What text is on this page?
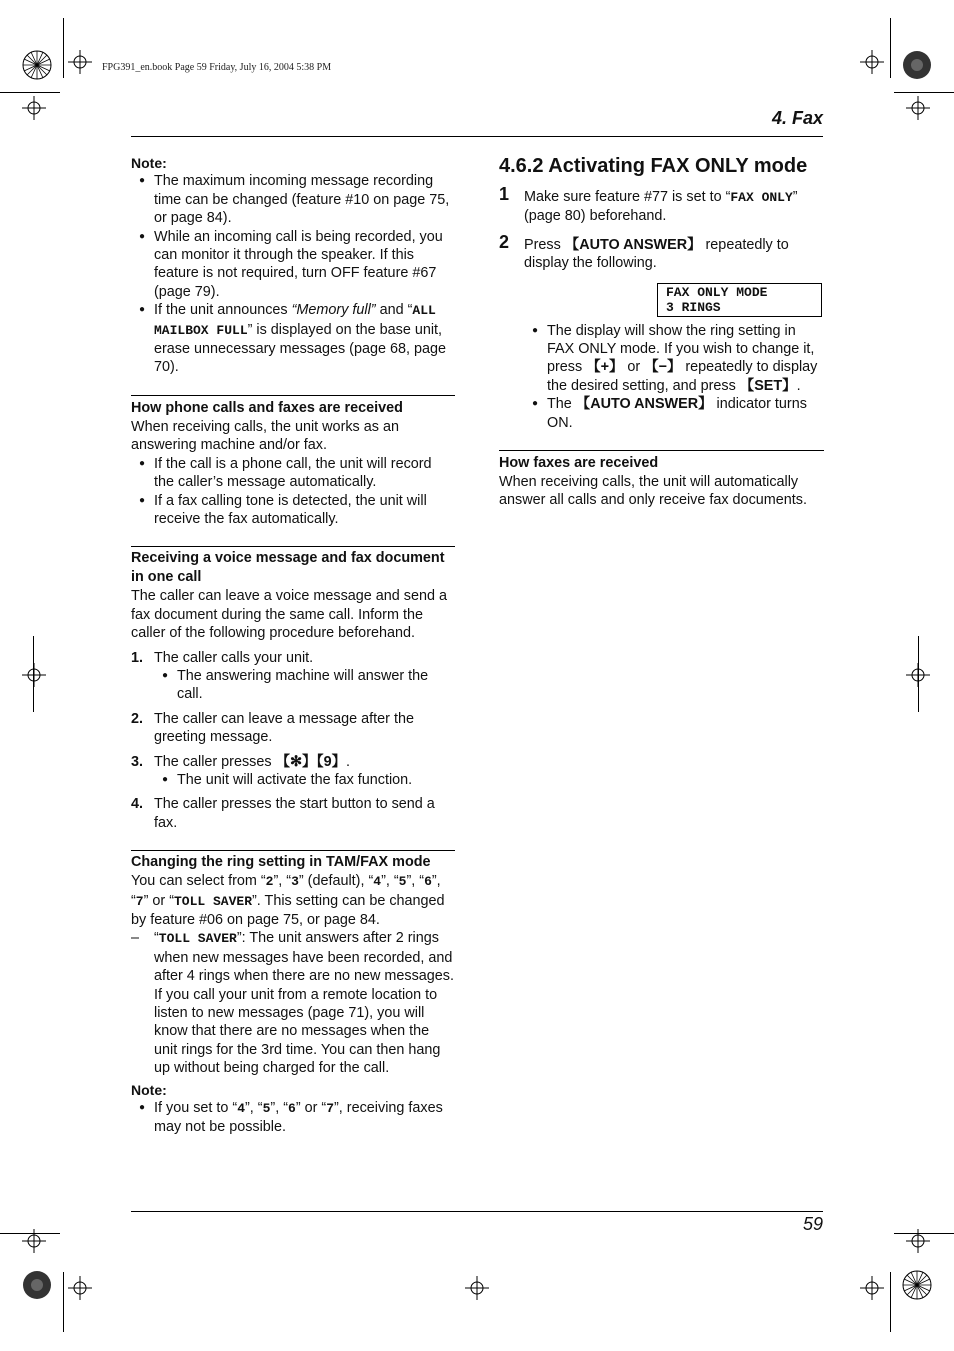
FPG391_en.book Page 59 Friday, July 16, 2004 5:38 PM
4. Fax
Note:
● The maximum incoming message recording time can be changed (feature #10 on page 75, or page 84).
● While an incoming call is being recorded, you can monitor it through the speaker. If this feature is not required, turn OFF feature #67 (page 79).
● If the unit announces “Memory full” and “ALL MAILBOX FULL” is displayed on the base unit, erase unnecessary messages (page 68, page 70).
How phone calls and faxes are received
When receiving calls, the unit works as an answering machine and/or fax.
● If the call is a phone call, the unit will record the caller’s message automatically.
● If a fax calling tone is detected, the unit will receive the fax automatically.
Receiving a voice message and fax document in one call
The caller can leave a voice message and send a fax document during the same call. Inform the caller of the following procedure beforehand.
1. The caller calls your unit.
● The answering machine will answer the call.
2. The caller can leave a message after the greeting message.
3. The caller presses 【✻】【9】.
● The unit will activate the fax function.
4. The caller presses the start button to send a fax.
Changing the ring setting in TAM/FAX mode
You can select from “2”, “3” (default), “4”, “5”, “6”, “7” or “TOLL SAVER”. This setting can be changed by feature #06 on page 75, or page 84.
– “TOLL SAVER”: The unit answers after 2 rings when new messages have been recorded, and after 4 rings when there are no new messages. If you call your unit from a remote location to listen to new messages (page 71), you will know that there are no messages when the unit rings for the 3rd time. You can then hang up without being charged for the call.
Note:
● If you set to “4”, “5”, “6” or “7”, receiving faxes may not be possible.
4.6.2 Activating FAX ONLY mode
1 Make sure feature #77 is set to “FAX ONLY” (page 80) beforehand.
2 Press 【AUTO ANSWER】 repeatedly to display the following.
FAX ONLY MODE
3 RINGS
● The display will show the ring setting in FAX ONLY mode. If you wish to change it, press 【+】 or 【−】 repeatedly to display the desired setting, and press 【SET】.
● The 【AUTO ANSWER】 indicator turns ON.
How faxes are received
When receiving calls, the unit will automatically answer all calls and only receive fax documents.
59
